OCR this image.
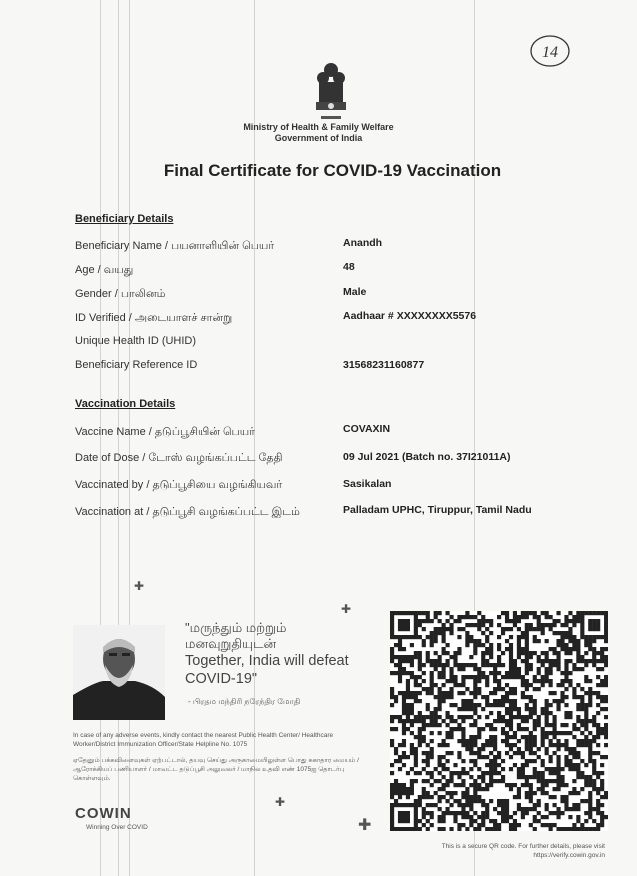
14
Ministry of Health & Family Welfare
Government of India
Final Certificate for COVID-19 Vaccination
Beneficiary Details
Beneficiary Name / பயனாளியின் பெயர்	Anandh
Age / வயது	48
Gender / பாலினம்	Male
ID Verified / அடையாளச் சான்று	Aadhaar # XXXXXXXX5576
Unique Health ID (UHID)
Beneficiary Reference ID	31568231160877
Vaccination Details
Vaccine Name / தடுப்பூசியின் பெயர்	COVAXIN
Date of Dose / டோஸ் வழங்கப்பட்ட தேதி	09 Jul 2021 (Batch no. 37I21011A)
Vaccinated by / தடுப்பூசியை வழங்கியவர்	Sasikalan
Vaccination at / தடுப்பூசி வழங்கப்பட்ட இடம்	Palladam UPHC, Tiruppur, Tamil Nadu
✚
✚
✚
✚
"மருந்தும் மற்றும் மனவுறுதியுடன்
Together, India will defeat COVID-19"
- பிரதம மந்திரி நரேந்திர மோதி
In case of any adverse events, kindly contact the nearest Public Health Center/ Healthcare Worker/District Immunization Officer/State Helpline No. 1075
ஏதேனும் பக்கவிளைவுகள் ஏற்பட்டால், தயவு செய்து அருகாமையிலுள்ள பொது சுகாதார மையம் / ஆரோக்கியப் பணியாளர் / மாவட்ட தடுப்பூசி அலுவலர் / மாநில உதவி எண் 1075ஐ தொடர்பு கொள்ளவும்.
COWIN
Winning Over COVID
This is a secure QR code. For further details, please visit
https://verify.cowin.gov.in
